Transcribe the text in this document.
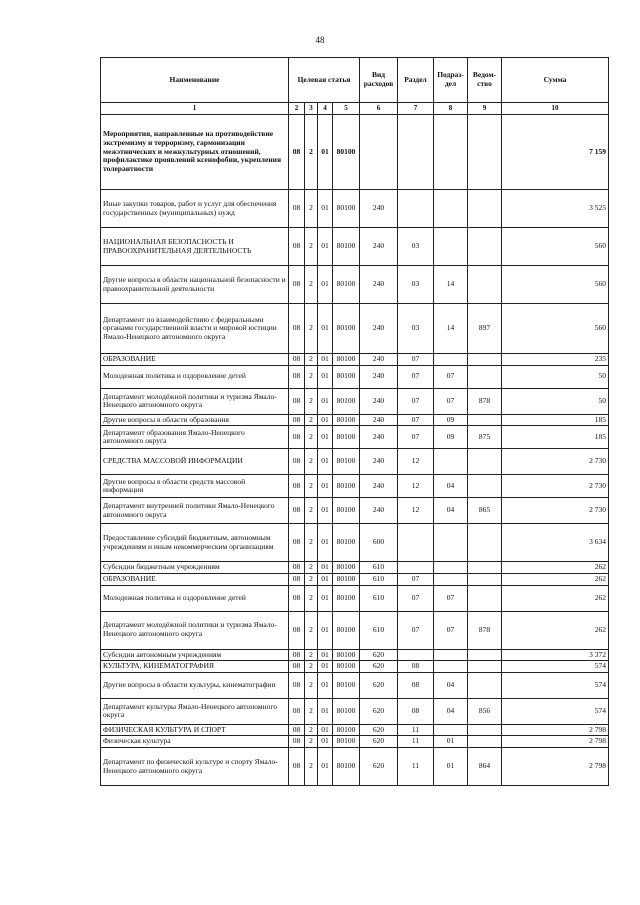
48
Наименование	Целевая статья				Вид расходов	Раздел	Подраз-дел	Ведом-ство	Сумма
1	2	3	4	5	6	7	8	9	10
Мероприятия, направленные на противодействие экстремизму и терроризму, гармонизации межэтнических и межкультурных отношений, профилактике проявлений ксенофобии, укрепления толерантности	08	2	01	80100					7 159
Иные закупки товаров, работ и услуг для обеспечения государственных (муниципальных) нужд	08	2	01	80100	240				3 525
НАЦИОНАЛЬНАЯ БЕЗОПАСНОСТЬ И ПРАВООХРАНИТЕЛЬНАЯ ДЕЯТЕЛЬНОСТЬ	08	2	01	80100	240	03			560
Другие вопросы в области национальной безопасности и правоохранительной деятельности	08	2	01	80100	240	03	14		560
Департамент по взаимодействию с федеральными органами государственной власти и мировой юстиции Ямало-Ненецкого автономного округа	08	2	01	80100	240	03	14	897	560
ОБРАЗОВАНИЕ	08	2	01	80100	240	07			235
Молодежная политика и оздоровление детей	08	2	01	80100	240	07	07		50
Департамент молодёжной политики и туризма Ямало-Ненецкого автономного округа	08	2	01	80100	240	07	07	878	50
Другие вопросы в области образования	08	2	01	80100	240	07	09		185
Департамент образования Ямало-Ненецкого автономного округа	08	2	01	80100	240	07	09	875	185
СРЕДСТВА МАССОВОЙ ИНФОРМАЦИИ	08	2	01	80100	240	12			2 730
Другие вопросы в области средств массовой информации	08	2	01	80100	240	12	04		2 730
Департамент внутренней политики Ямало-Ненецкого автономного округа	08	2	01	80100	240	12	04	865	2 730
Предоставление субсидий бюджетным, автономным учреждениям и иным некоммерческим организациям	08	2	01	80100	600				3 634
Субсидии бюджетным учреждениям	08	2	01	80100	610				262
ОБРАЗОВАНИЕ	08	2	01	80100	610	07			262
Молодежная политика и оздоровление детей	08	2	01	80100	610	07	07		262
Департамент молодёжной политики и туризма Ямало-Ненецкого автономного округа	08	2	01	80100	610	07	07	878	262
Субсидии автономным учреждениям	08	2	01	80100	620				3 372
КУЛЬТУРА, КИНЕМАТОГРАФИЯ	08	2	01	80100	620	08			574
Другие вопросы в области культуры, кинематографии	08	2	01	80100	620	08	04		574
Департамент культуры Ямало-Ненецкого автономного округа	08	2	01	80100	620	08	04	856	574
ФИЗИЧЕСКАЯ КУЛЬТУРА И СПОРТ	08	2	01	80100	620	11			2 798
Физическая культура	08	2	01	80100	620	11	01		2 798
Департамент по физической культуре и спорту Ямало-Ненецкого автономного округа	08	2	01	80100	620	11	01	864	2 798
